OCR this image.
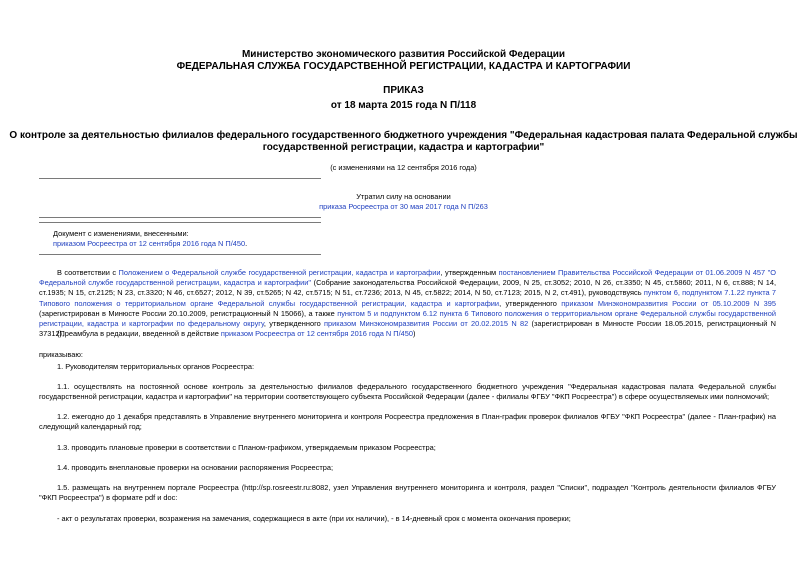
Министерство экономического развития Российской Федерации
ФЕДЕРАЛЬНАЯ СЛУЖБА ГОСУДАРСТВЕННОЙ РЕГИСТРАЦИИ, КАДАСТРА И КАРТОГРАФИИ
ПРИКАЗ
от 18 марта 2015 года N П/118
О контроле за деятельностью филиалов федерального государственного бюджетного учреждения "Федеральная кадастровая палата Федеральной службы
государственной регистрации, кадастра и картографии"
(с изменениями на 12 сентября 2016 года)
Утратил силу на основании
приказа Росреестра от 30 мая 2017 года N П/263
Документ с изменениями, внесенными:
приказом Росреестра от 12 сентября 2016 года N П/450.
В соответствии с Положением о Федеральной службе государственной регистрации, кадастра и картографии, утвержденным постановлением Правительства Российской Федерации от 01.06.2009 N 457 "О Федеральной службе государственной регистрации, кадастра и картографии" (Собрание законодательства Российской Федерации, 2009, N 25, ст.3052; 2010, N 26, ст.3350; N 45, ст.5860; 2011, N 6, ст.888; N 14, ст.1935; N 15, ст.2125; N 23, ст.3320; N 46, ст.6527; 2012, N 39, ст.5265; N 42, ст.5715; N 51, ст.7236; 2013, N 45, ст.5822; 2014, N 50, ст.7123; 2015, N 2, ст.491), руководствуясь пунктом 6, подпунктом 7.1.22 пункта 7 Типового положения о территориальном органе Федеральной службы государственной регистрации, кадастра и картографии, утвержденного приказом Минэкономразвития России от 05.10.2009 N 395 (зарегистрирован в Минюсте России 20.10.2009, регистрационный N 15066), а также пунктом 5 и подпунктом 6.12 пункта 6 Типового положения о территориальном органе Федеральной службы государственной регистрации, кадастра и картографии по федеральному округу, утвержденного приказом Минэкономразвития России от 20.02.2015 N 82 (зарегистрирован в Минюсте России 18.05.2015, регистрационный N 37312),
(Преамбула в редакции, введенной в действие приказом Росреестра от 12 сентября 2016 года N П/450)
приказываю:
1. Руководителям территориальных органов Росреестра:
1.1. осуществлять на постоянной основе контроль за деятельностью филиалов федерального государственного бюджетного учреждения "Федеральная кадастровая палата Федеральной службы государственной регистрации, кадастра и картографии" на территории соответствующего субъекта Российской Федерации (далее - филиалы ФГБУ "ФКП Росреестра") в сфере осуществляемых ими полномочий;
1.2. ежегодно до 1 декабря представлять в Управление внутреннего мониторинга и контроля Росреестра предложения в План-график проверок филиалов ФГБУ "ФКП Росреестра" (далее - План-график) на следующий календарный год;
1.3. проводить плановые проверки в соответствии с Планом-графиком, утверждаемым приказом Росреестра;
1.4. проводить внеплановые проверки на основании распоряжения Росреестра;
1.5. размещать на внутреннем портале Росреестра (http://sp.rosreestr.ru:8082, узел Управления внутреннего мониторинга и контроля, раздел "Списки", подраздел "Контроль деятельности филиалов ФГБУ "ФКП Росреестра") в формате pdf и doc:
- акт о результатах проверки, возражения на замечания, содержащиеся в акте (при их наличии), - в 14-дневный срок с момента окончания проверки;
